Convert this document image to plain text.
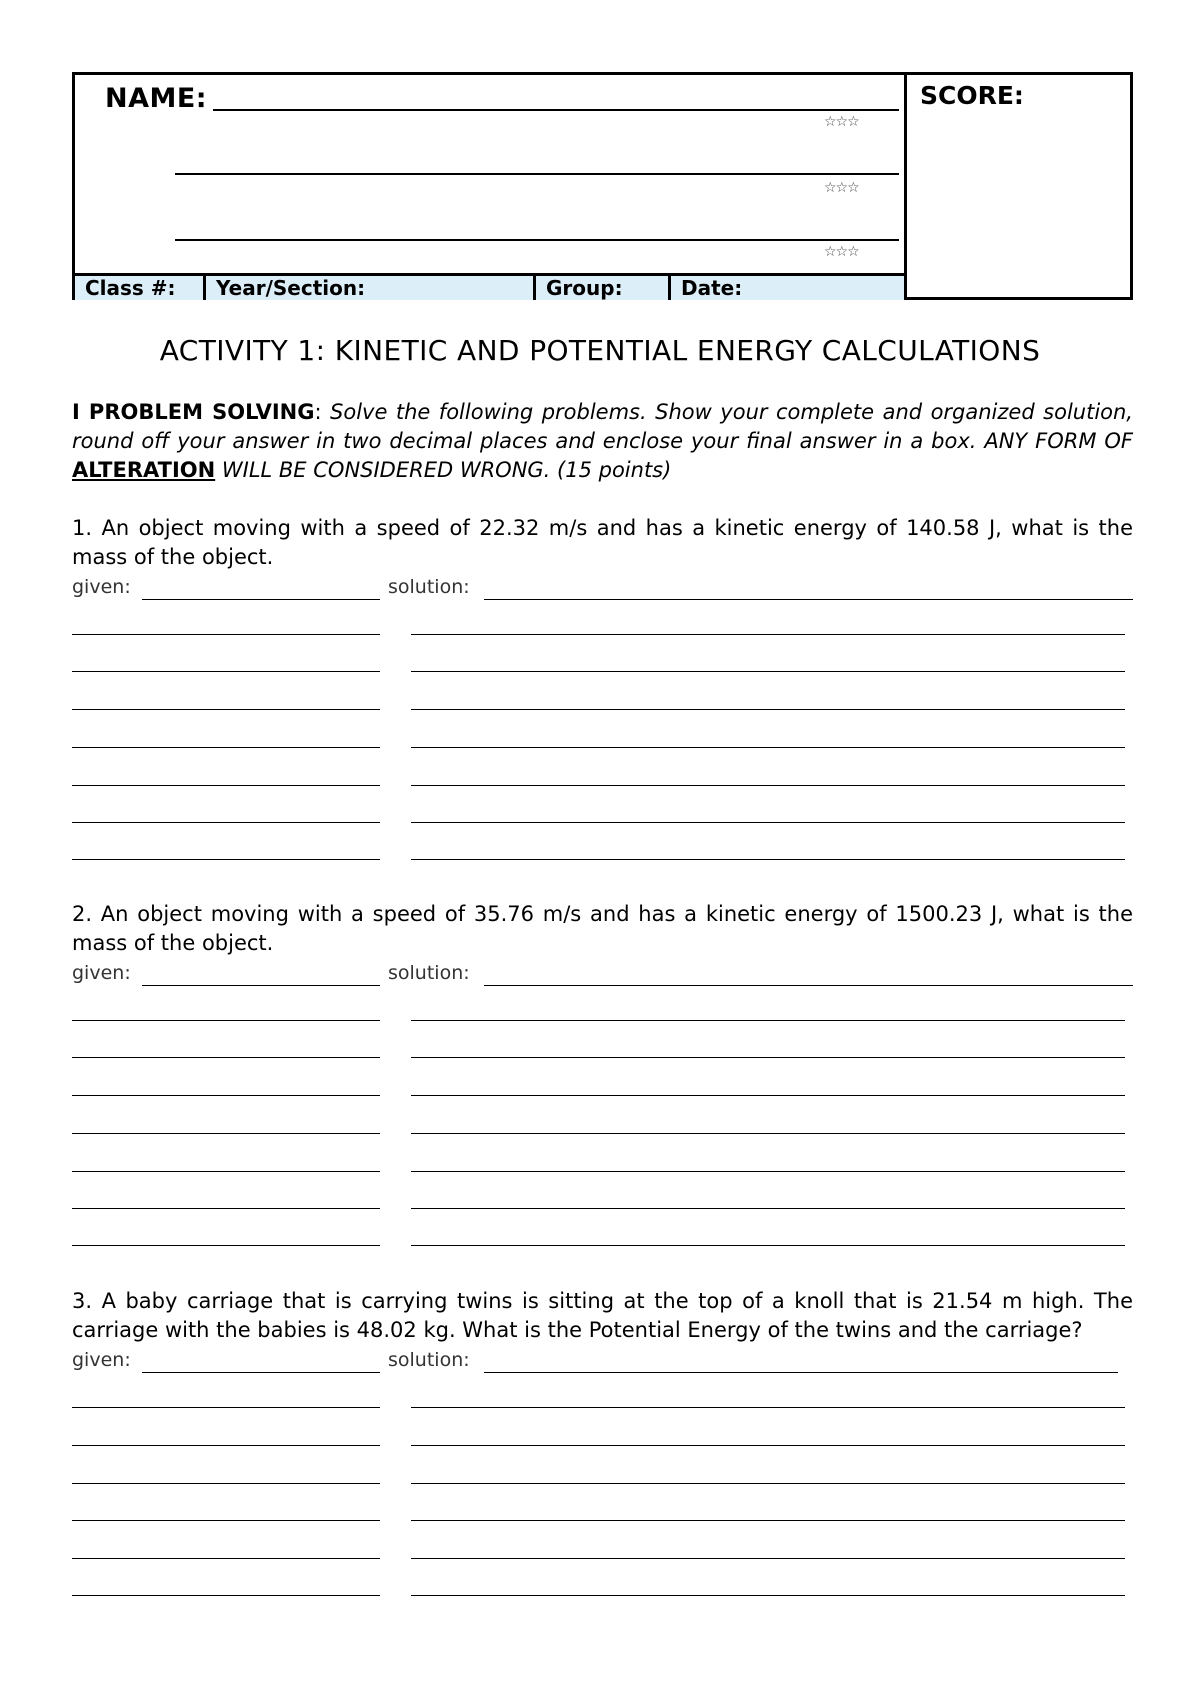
NAME:
☆☆☆
☆☆☆
☆☆☆
SCORE:
Class #:	Year/Section:	Group:	Date:
ACTIVITY 1: KINETIC AND POTENTIAL ENERGY CALCULATIONS
I PROBLEM SOLVING: Solve the following problems. Show your complete and organized solution, round off your answer in two decimal places and enclose your final answer in a box. ANY FORM OF ALTERATION WILL BE CONSIDERED WRONG. (15 points)
1. An object moving with a speed of 22.32 m/s and has a kinetic energy of 140.58 J, what is the mass of the object.
given:	solution:
2. An object moving with a speed of 35.76 m/s and has a kinetic energy of 1500.23 J, what is the mass of the object.
given:	solution:
3. A baby carriage that is carrying twins is sitting at the top of a knoll that is 21.54 m high. The carriage with the babies is 48.02 kg. What is the Potential Energy of the twins and the carriage?
given:	solution:
